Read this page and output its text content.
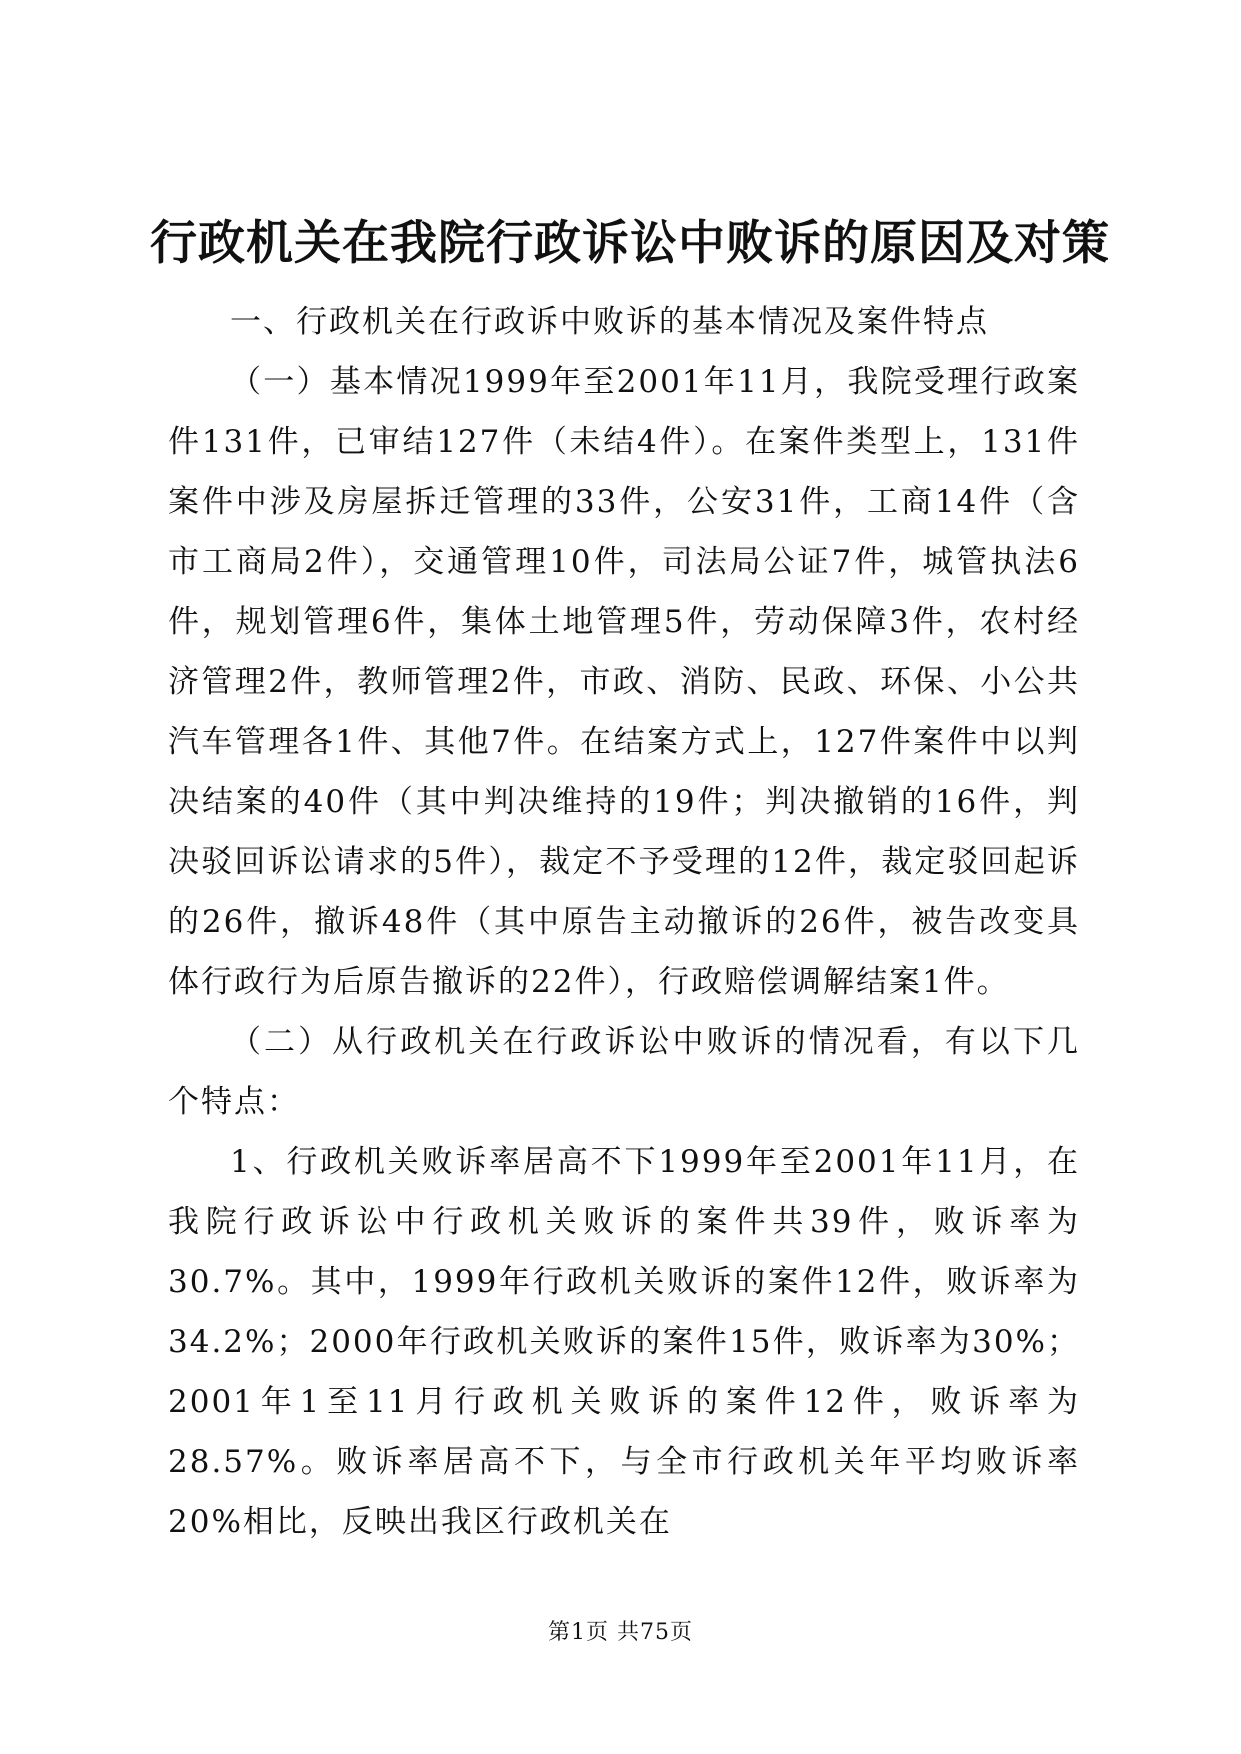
行政机关在我院行政诉讼中败诉的原因及对策

一、行政机关在行政诉中败诉的基本情况及案件特点

（一）基本情况1999年至2001年11月，我院受理行政案件131件，已审结127件（未结4件）。在案件类型上，131件案件中涉及房屋拆迁管理的33件，公安31件，工商14件（含市工商局2件），交通管理10件，司法局公证7件，城管执法6件，规划管理6件，集体土地管理5件，劳动保障3件，农村经济管理2件，教师管理2件，市政、消防、民政、环保、小公共汽车管理各1件、其他7件。在结案方式上，127件案件中以判决结案的40件（其中判决维持的19件；判决撤销的16件，判决驳回诉讼请求的5件），裁定不予受理的12件，裁定驳回起诉的26件，撤诉48件（其中原告主动撤诉的26件，被告改变具体行政行为后原告撤诉的22件），行政赔偿调解结案1件。

（二）从行政机关在行政诉讼中败诉的情况看，有以下几个特点：

1、行政机关败诉率居高不下1999年至2001年11月，在我院行政诉讼中行政机关败诉的案件共39件，败诉率为30.7%。其中，1999年行政机关败诉的案件12件，败诉率为34.2%；2000年行政机关败诉的案件15件，败诉率为30%；2001年1至11月行政机关败诉的案件12件，败诉率为28.57%。败诉率居高不下，与全市行政机关年平均败诉率20%相比，反映出我区行政机关在

第1页 共75页
